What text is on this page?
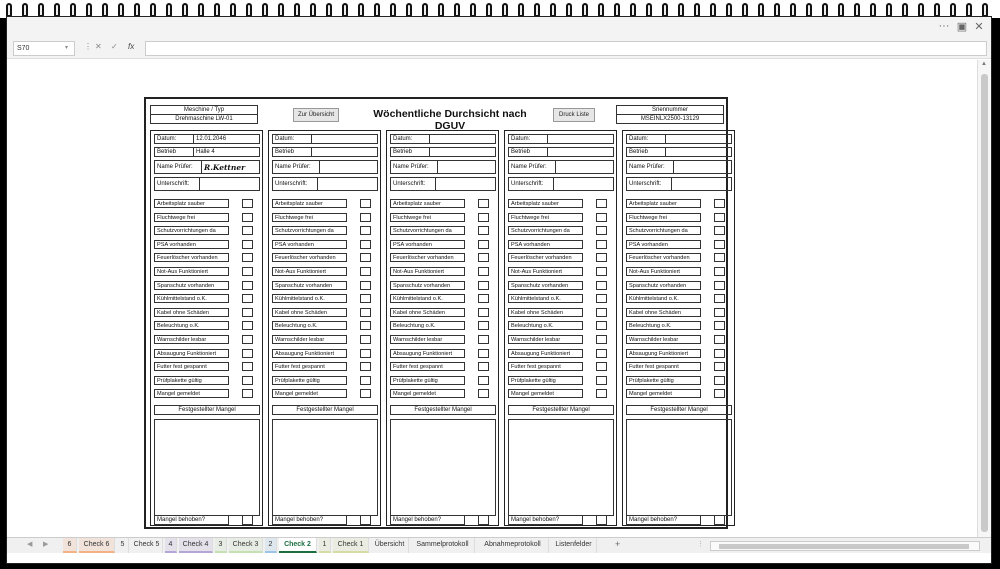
··· ▣ ✕
S70	▾ ⋮ ✕ ✓ fx
Meschine / Typ
Drehmaschine LW-01
Zur Übersicht	Wöchentliche Durchsicht nach DGUV
Druck Liste
Sriennummer
MSEINLX2500-13129
Datum:	12.01.2046
Betrieb	Halle 4
Name Prüfer:	R.Kettner
Unterschrift:
Arbeitsplatz sauber
Fluchtwege frei
Schutzvorrichtungen da
PSA vorhanden
Feuerlöscher vorhanden
Not-Aus Funktioniert
Spanschutz vorhanden
Kühlmittelstand o.K.
Kabel ohne Schäden
Beleuchtung o.K.
Warnschilder lesbar
Absaugung Funktioniert
Futter fest gespannt
Prüfplakette gültig
Mangel gemeldet
Festgestellter Mangel
Mangel behoben?
Datum:
Betrieb
Name Prüfer:
Unterschrift:
Arbeitsplatz sauber
Fluchtwege frei
Schutzvorrichtungen da
PSA vorhanden
Feuerlöscher vorhanden
Not-Aus Funktioniert
Spanschutz vorhanden
Kühlmittelstand o.K.
Kabel ohne Schäden
Beleuchtung o.K.
Warnschilder lesbar
Absaugung Funktioniert
Futter fest gespannt
Prüfplakette gültig
Mangel gemeldet
Festgestellter Mangel
Mangel behoben?
Datum:
Betrieb
Name Prüfer:
Unterschrift:
Arbeitsplatz sauber
Fluchtwege frei
Schutzvorrichtungen da
PSA vorhanden
Feuerlöscher vorhanden
Not-Aus Funktioniert
Spanschutz vorhanden
Kühlmittelstand o.K.
Kabel ohne Schäden
Beleuchtung o.K.
Warnschilder lesbar
Absaugung Funktioniert
Futter fest gespannt
Prüfplakette gültig
Mangel gemeldet
Festgestellter Mangel
Mangel behoben?
Datum:
Betrieb
Name Prüfer:
Unterschrift:
Arbeitsplatz sauber
Fluchtwege frei
Schutzvorrichtungen da
PSA vorhanden
Feuerlöscher vorhanden
Not-Aus Funktioniert
Spanschutz vorhanden
Kühlmittelstand o.K.
Kabel ohne Schäden
Beleuchtung o.K.
Warnschilder lesbar
Absaugung Funktioniert
Futter fest gespannt
Prüfplakette gültig
Mangel gemeldet
Festgestellter Mangel
Mangel behoben?
Datum:
Betrieb
Name Prüfer:
Unterschrift:
Arbeitsplatz sauber
Fluchtwege frei
Schutzvorrichtungen da
PSA vorhanden
Feuerlöscher vorhanden
Not-Aus Funktioniert
Spanschutz vorhanden
Kühlmittelstand o.K.
Kabel ohne Schäden
Beleuchtung o.K.
Warnschilder lesbar
Absaugung Funktioniert
Futter fest gespannt
Prüfplakette gültig
Mangel gemeldet
Festgestellter Mangel
Mangel behoben?
▲
◀ ▶	6	Check 6	5	Check 5	4	Check 4	3	Check 3	2	Check 2	1	Check 1	Übersicht	Sammelprotokoll	Abnahmeprotokoll	Listenfelder	+	⋮
